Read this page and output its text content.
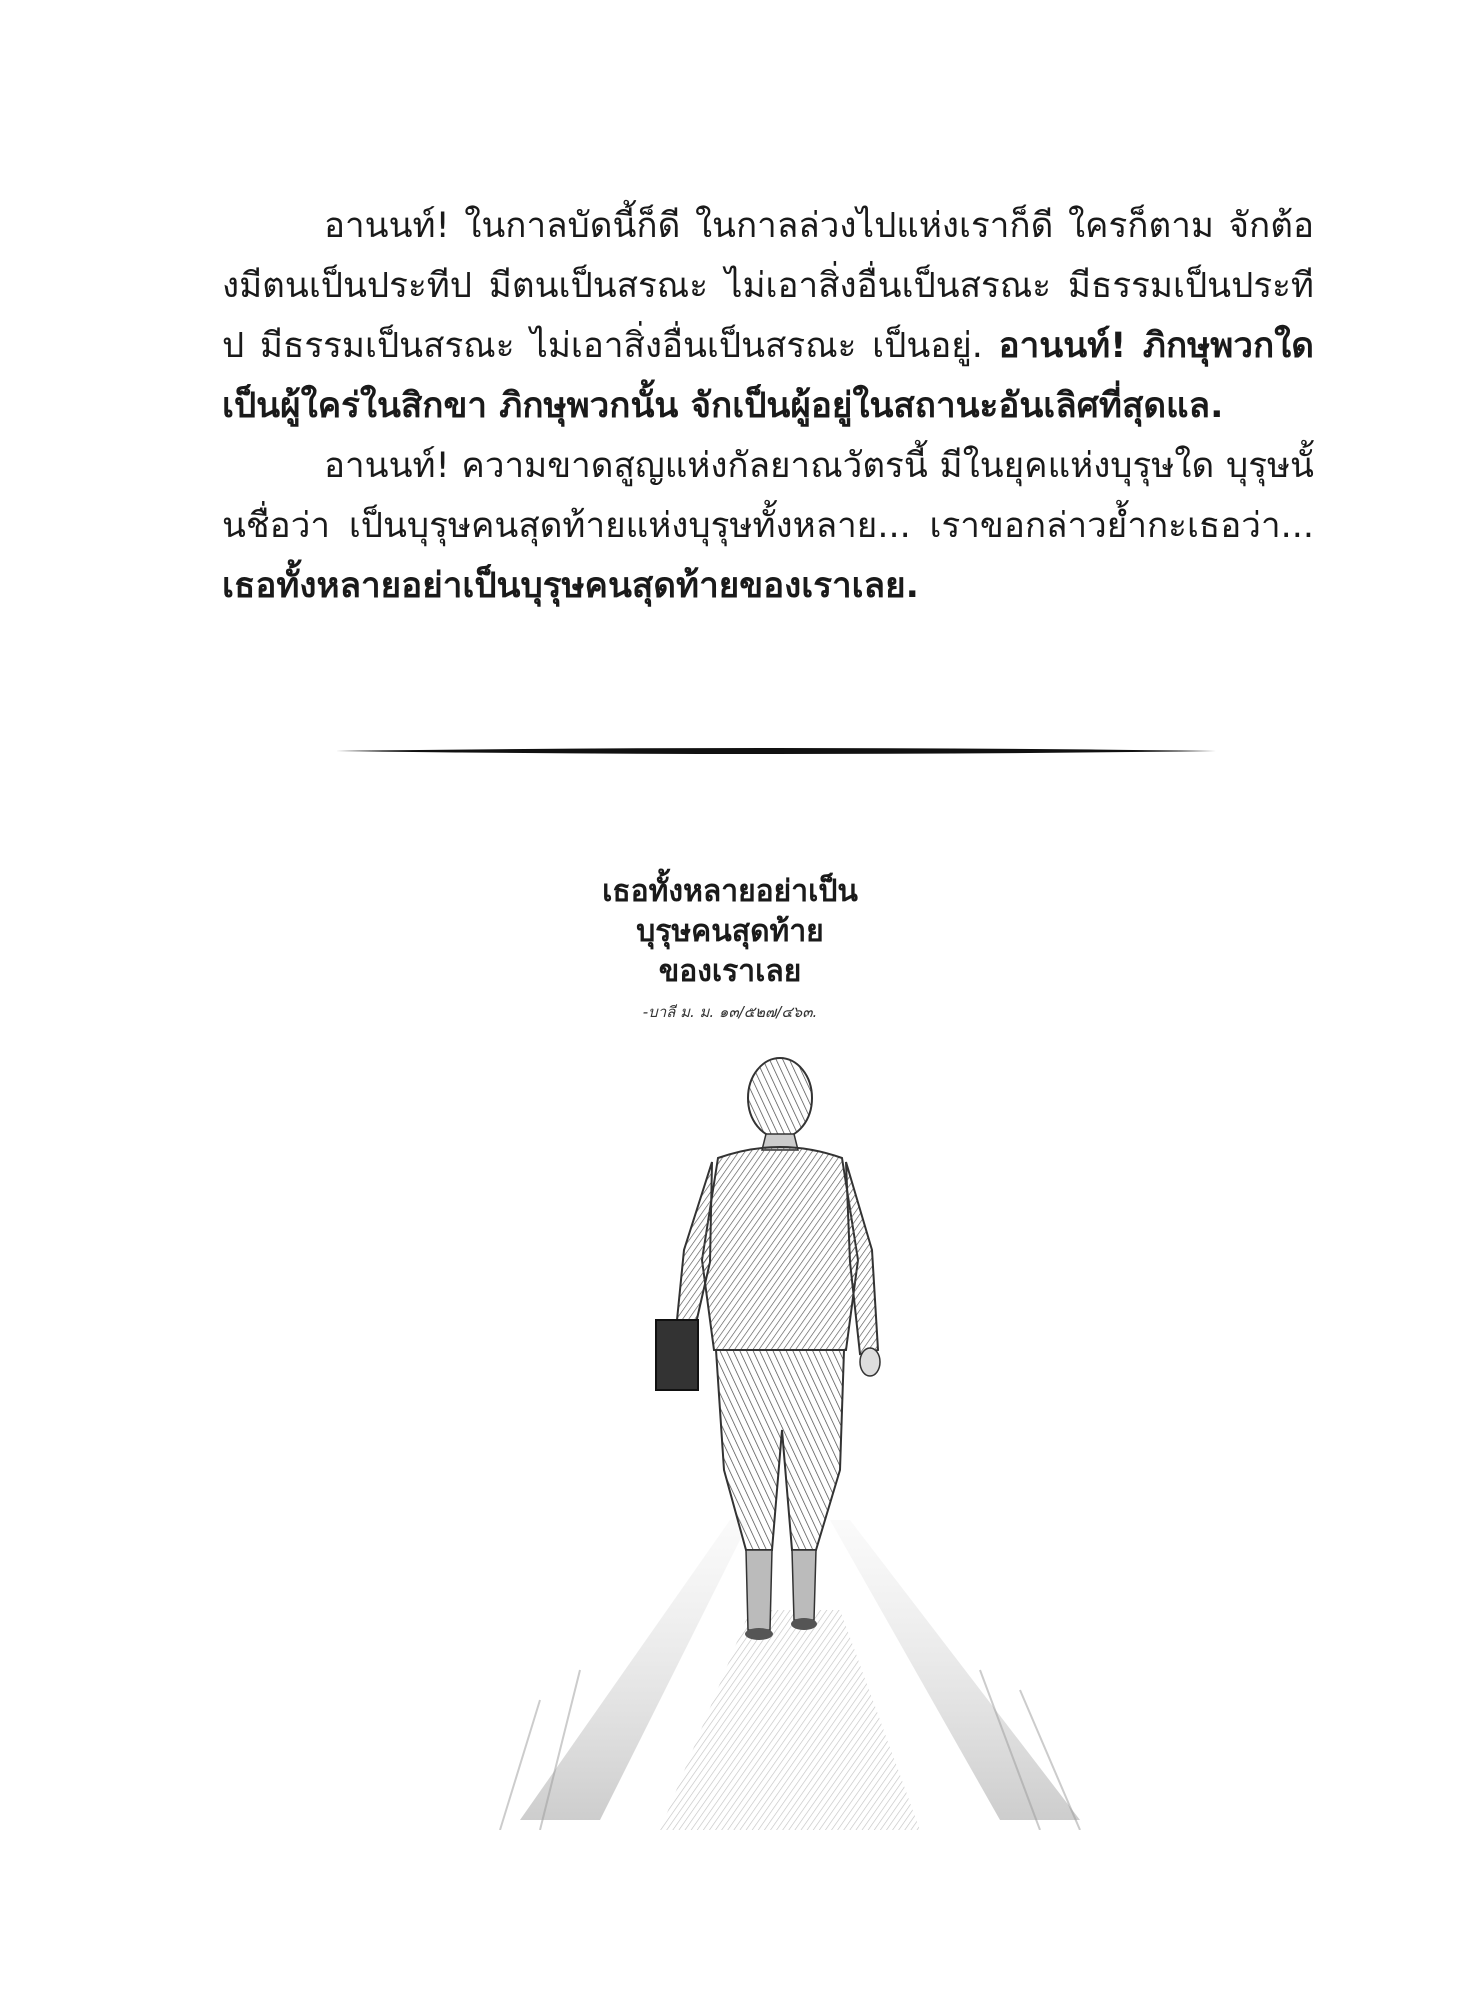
อานนท์! ในกาลบัดนี้ก็ดี ในกาลล่วงไปแห่งเราก็ดี ใครก็ตาม จักต้องมีตนเป็นประทีป มีตนเป็นสรณะ ไม่เอาสิ่งอื่นเป็นสรณะ มีธรรมเป็นประทีป มีธรรมเป็นสรณะ ไม่เอาสิ่งอื่นเป็นสรณะ เป็นอยู่. อานนท์! ภิกษุพวกใด เป็นผู้ใคร่ในสิกขา ภิกษุพวกนั้น จักเป็นผู้อยู่ในสถานะอันเลิศที่สุดแล.

อานนท์! ความขาดสูญแห่งกัลยาณวัตรนี้ มีในยุคแห่งบุรุษใด บุรุษนั้นชื่อว่า เป็นบุรุษคนสุดท้ายแห่งบุรุษทั้งหลาย... เราขอกล่าวย้ำกะเธอว่า... เธอทั้งหลายอย่าเป็นบุรุษคนสุดท้ายของเราเลย.

เธอทั้งหลายอย่าเป็น
บุรุษคนสุดท้าย
ของเราเลย
-บาลี ม. ม. ๑๓/๕๒๗/๔๖๓.
